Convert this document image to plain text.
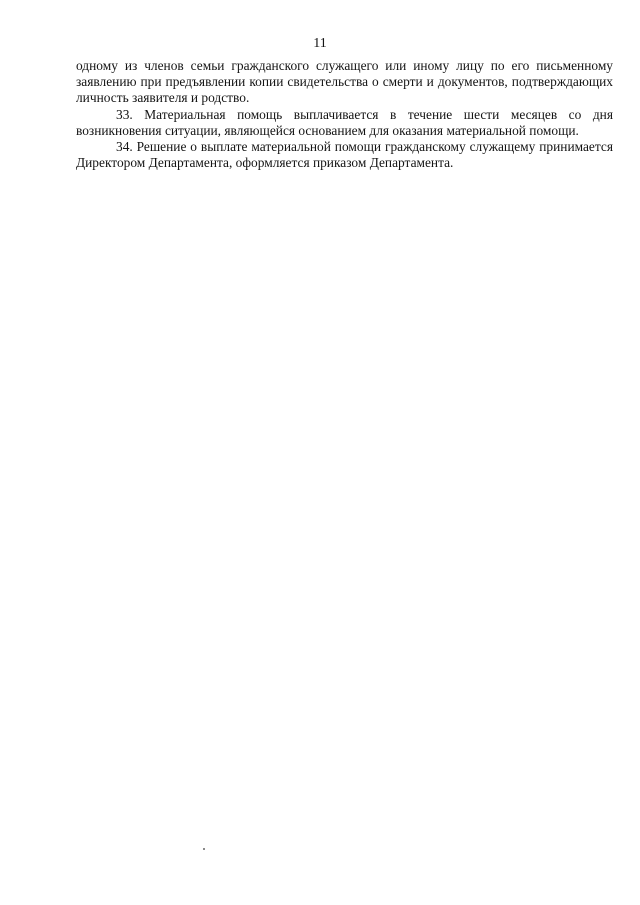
11

одному из членов семьи гражданского служащего или иному лицу по его письменному заявлению при предъявлении копии свидетельства о смерти и документов, подтверждающих личность заявителя и родство.

33. Материальная помощь выплачивается в течение шести месяцев со дня возникновения ситуации, являющейся основанием для оказания материальной помощи.

34. Решение о выплате материальной помощи гражданскому служащему принимается Директором Департамента, оформляется приказом Департамента.
